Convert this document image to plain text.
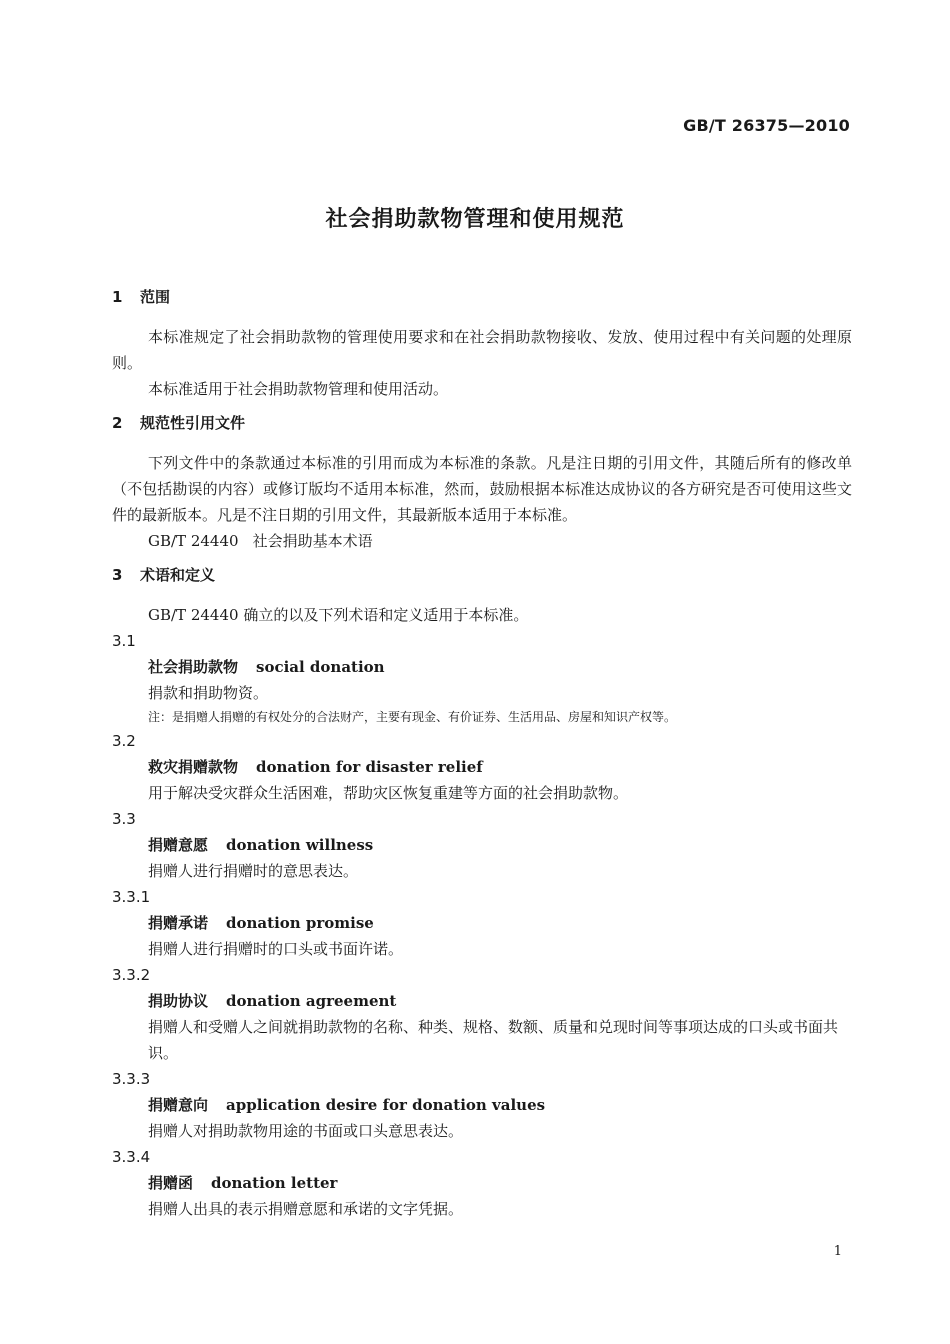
GB/T 26375—2010
社会捐助款物管理和使用规范

1 范围

本标准规定了社会捐助款物的管理使用要求和在社会捐助款物接收、发放、使用过程中有关问题的处理原则。

本标准适用于社会捐助款物管理和使用活动。

2 规范性引用文件

下列文件中的条款通过本标准的引用而成为本标准的条款。凡是注日期的引用文件，其随后所有的修改单（不包括勘误的内容）或修订版均不适用本标准，然而，鼓励根据本标准达成协议的各方研究是否可使用这些文件的最新版本。凡是不注日期的引用文件，其最新版本适用于本标准。

GB/T 24440 社会捐助基本术语

3 术语和定义

GB/T 24440 确立的以及下列术语和定义适用于本标准。

3.1

社会捐助款物 social donation

捐款和捐助物资。

注：是捐赠人捐赠的有权处分的合法财产，主要有现金、有价证券、生活用品、房屋和知识产权等。

3.2

救灾捐赠款物 donation for disaster relief

用于解决受灾群众生活困难，帮助灾区恢复重建等方面的社会捐助款物。

3.3

捐赠意愿 donation willness

捐赠人进行捐赠时的意思表达。

3.3.1

捐赠承诺 donation promise

捐赠人进行捐赠时的口头或书面许诺。

3.3.2

捐助协议 donation agreement

捐赠人和受赠人之间就捐助款物的名称、种类、规格、数额、质量和兑现时间等事项达成的口头或书面共识。

3.3.3

捐赠意向 application desire for donation values

捐赠人对捐助款物用途的书面或口头意思表达。

3.3.4

捐赠函 donation letter

捐赠人出具的表示捐赠意愿和承诺的文字凭据。

1
